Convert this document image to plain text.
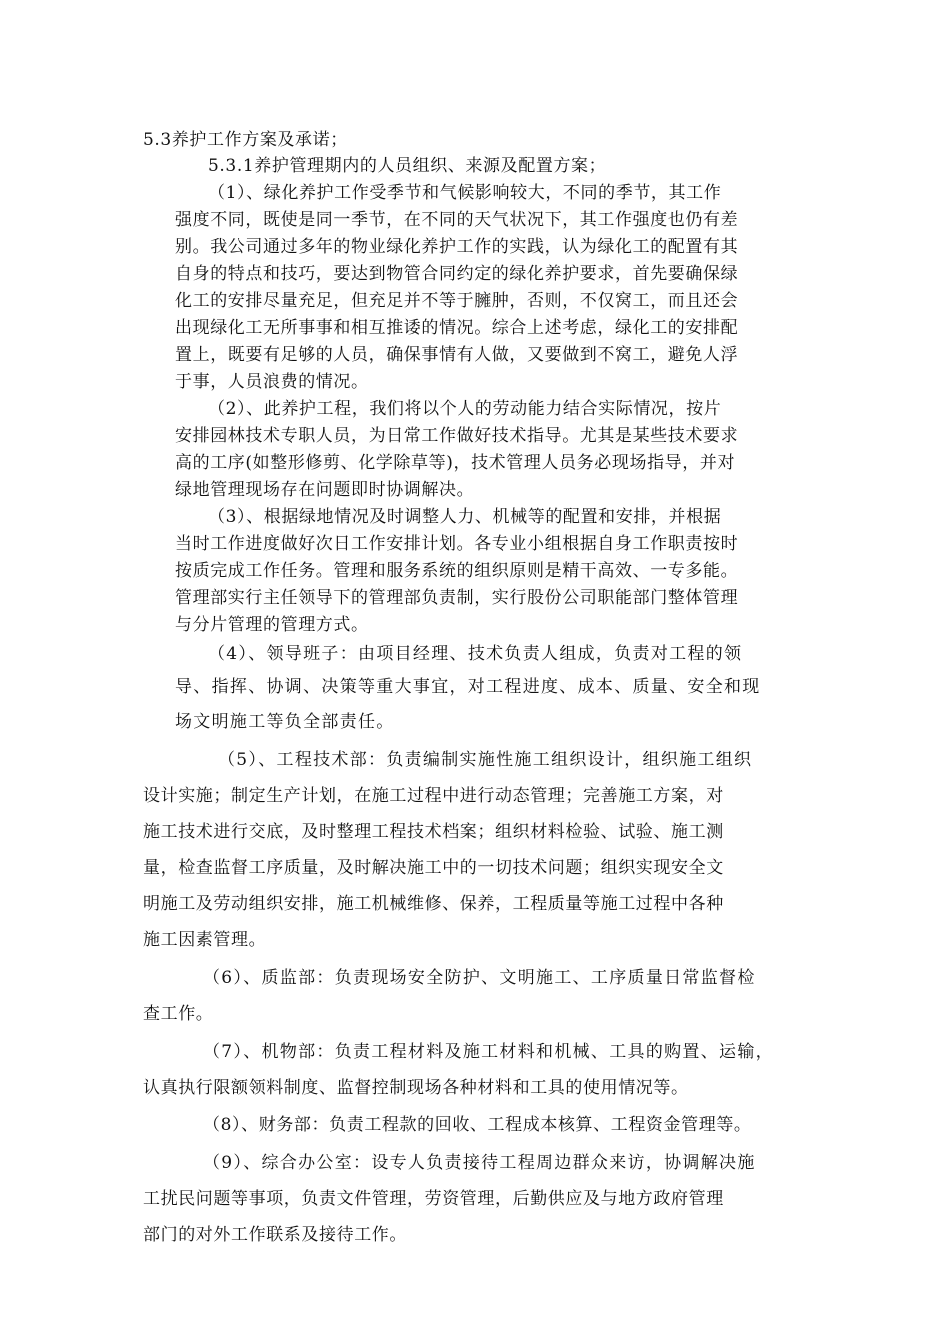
5.3养护工作方案及承诺；
5.3.1养护管理期内的人员组织、来源及配置方案；
（1）、绿化养护工作受季节和气候影响较大，不同的季节，其工作
强度不同，既使是同一季节，在不同的天气状况下，其工作强度也仍有差
别。我公司通过多年的物业绿化养护工作的实践，认为绿化工的配置有其
自身的特点和技巧，要达到物管合同约定的绿化养护要求，首先要确保绿
化工的安排尽量充足，但充足并不等于臃肿，否则，不仅窝工，而且还会
出现绿化工无所事事和相互推诿的情况。综合上述考虑，绿化工的安排配
置上，既要有足够的人员，确保事情有人做，又要做到不窝工，避免人浮
于事，人员浪费的情况。
（2）、此养护工程，我们将以个人的劳动能力结合实际情况，按片
安排园林技术专职人员，为日常工作做好技术指导。尤其是某些技术要求
高的工序(如整形修剪、化学除草等)，技术管理人员务必现场指导，并对
绿地管理现场存在问题即时协调解决。
（3）、根据绿地情况及时调整人力、机械等的配置和安排，并根据
当时工作进度做好次日工作安排计划。各专业小组根据自身工作职责按时
按质完成工作任务。管理和服务系统的组织原则是精干高效、一专多能。
管理部实行主任领导下的管理部负责制，实行股份公司职能部门整体管理
与分片管理的管理方式。
（4）、领导班子：由项目经理、技术负责人组成，负责对工程的领
导、指挥、协调、决策等重大事宜，对工程进度、成本、质量、安全和现
场文明施工等负全部责任。
（5）、工程技术部：负责编制实施性施工组织设计，组织施工组织
设计实施；制定生产计划，在施工过程中进行动态管理；完善施工方案，对
施工技术进行交底，及时整理工程技术档案；组织材料检验、试验、施工测
量，检查监督工序质量，及时解决施工中的一切技术问题；组织实现安全文
明施工及劳动组织安排，施工机械维修、保养，工程质量等施工过程中各种
施工因素管理。
（6）、质监部：负责现场安全防护、文明施工、工序质量日常监督检
查工作。
（7）、机物部：负责工程材料及施工材料和机械、工具的购置、运输，
认真执行限额领料制度、监督控制现场各种材料和工具的使用情况等。
（8）、财务部：负责工程款的回收、工程成本核算、工程资金管理等。
（9）、综合办公室：设专人负责接待工程周边群众来访，协调解决施
工扰民问题等事项，负责文件管理，劳资管理，后勤供应及与地方政府管理
部门的对外工作联系及接待工作。
